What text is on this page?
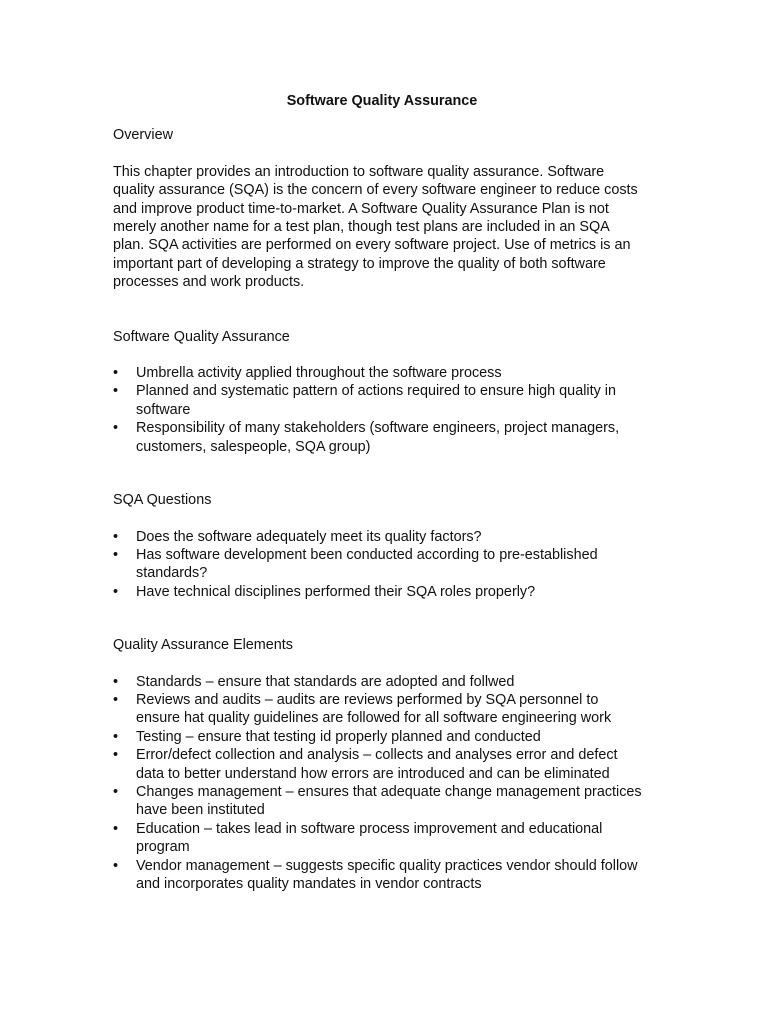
Software Quality Assurance
Overview

This chapter provides an introduction to software quality assurance. Software quality assurance (SQA) is the concern of every software engineer to reduce costs and improve product time-to-market. A Software Quality Assurance Plan is not merely another name for a test plan, though test plans are included in an SQA plan. SQA activities are performed on every software project. Use of metrics is an important part of developing a strategy to improve the quality of both software processes and work products.

Software Quality Assurance
• Umbrella activity applied throughout the software process
• Planned and systematic pattern of actions required to ensure high quality in software
• Responsibility of many stakeholders (software engineers, project managers, customers, salespeople, SQA group)
SQA Questions
• Does the software adequately meet its quality factors?
• Has software development been conducted according to pre-established standards?
• Have technical disciplines performed their SQA roles properly?
Quality Assurance Elements
• Standards – ensure that standards are adopted and follwed
• Reviews and audits – audits are reviews performed by SQA personnel to ensure hat quality guidelines are followed for all software engineering work
• Testing – ensure that testing id properly planned and conducted
• Error/defect collection and analysis – collects and analyses error and defect data to better understand how errors are introduced and can be eliminated
• Changes management – ensures that adequate change management practices have been instituted
• Education – takes lead in software process improvement and educational program
• Vendor management – suggests specific quality practices vendor should follow and incorporates quality mandates in vendor contracts
